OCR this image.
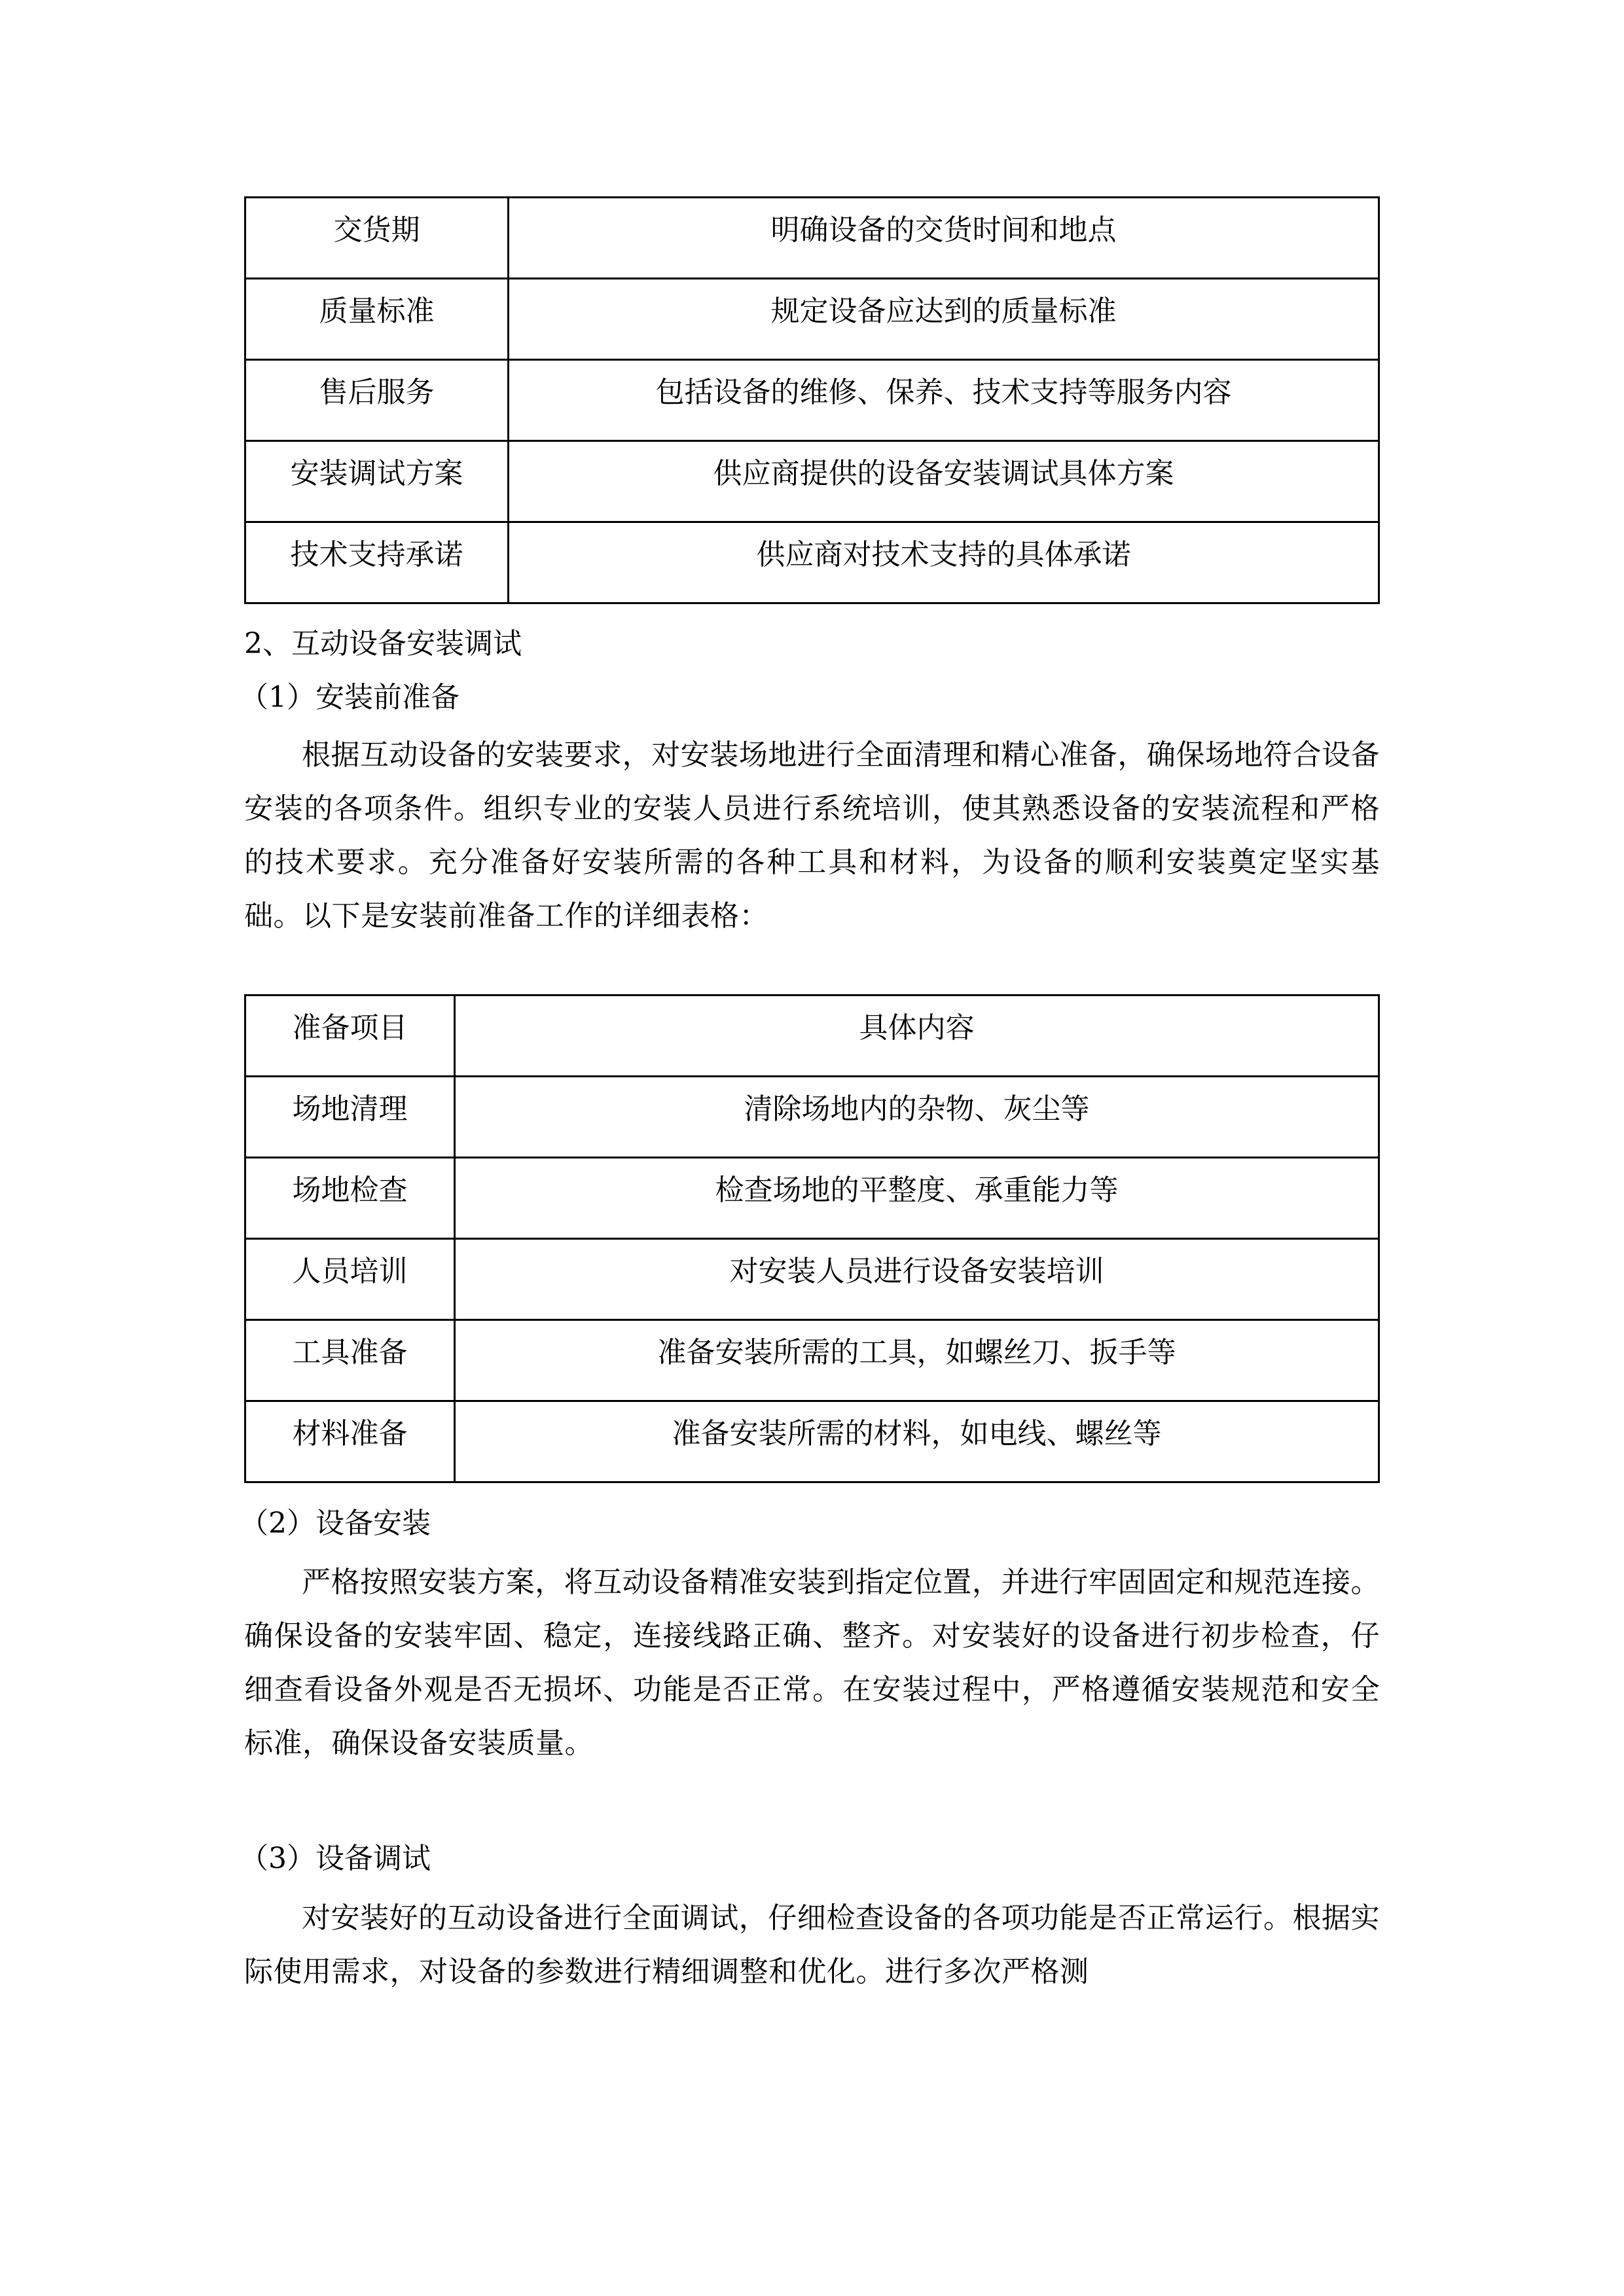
交货期	明确设备的交货时间和地点
质量标准	规定设备应达到的质量标准
售后服务	包括设备的维修、保养、技术支持等服务内容
安装调试方案	供应商提供的设备安装调试具体方案
技术支持承诺	供应商对技术支持的具体承诺
2、互动设备安装调试
（1）安装前准备
根据互动设备的安装要求，对安装场地进行全面清理和精心准备，确保场地符合设备安装的各项条件。组织专业的安装人员进行系统培训，使其熟悉设备的安装流程和严格的技术要求。充分准备好安装所需的各种工具和材料，为设备的顺利安装奠定坚实基础。以下是安装前准备工作的详细表格：
准备项目	具体内容
场地清理	清除场地内的杂物、灰尘等
场地检查	检查场地的平整度、承重能力等
人员培训	对安装人员进行设备安装培训
工具准备	准备安装所需的工具，如螺丝刀、扳手等
材料准备	准备安装所需的材料，如电线、螺丝等
（2）设备安装
严格按照安装方案，将互动设备精准安装到指定位置，并进行牢固固定和规范连接。确保设备的安装牢固、稳定，连接线路正确、整齐。对安装好的设备进行初步检查，仔细查看设备外观是否无损坏、功能是否正常。在安装过程中，严格遵循安装规范和安全标准，确保设备安装质量。
（3）设备调试
对安装好的互动设备进行全面调试，仔细检查设备的各项功能是否正常运行。根据实际使用需求，对设备的参数进行精细调整和优化。进行多次严格测
